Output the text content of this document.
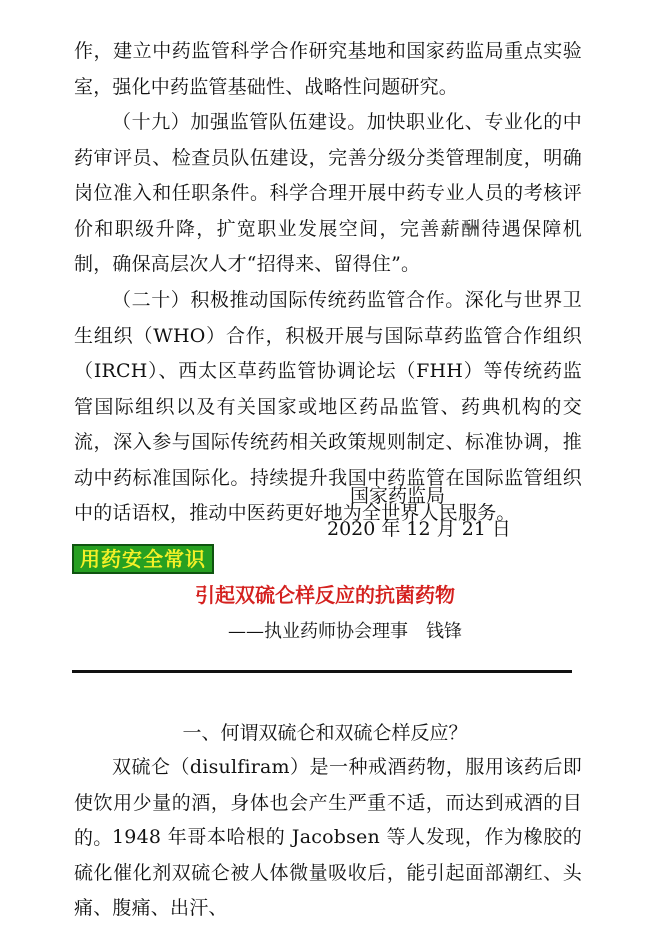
作，建立中药监管科学合作研究基地和国家药监局重点实验室，强化中药监管基础性、战略性问题研究。

（十九）加强监管队伍建设。加快职业化、专业化的中药审评员、检查员队伍建设，完善分级分类管理制度，明确岗位准入和任职条件。科学合理开展中药专业人员的考核评价和职级升降，扩宽职业发展空间，完善薪酬待遇保障机制，确保高层次人才“招得来、留得住”。

（二十）积极推动国际传统药监管合作。深化与世界卫生组织（WHO）合作，积极开展与国际草药监管合作组织（IRCH）、西太区草药监管协调论坛（FHH）等传统药监管国际组织以及有关国家或地区药品监管、药典机构的交流，深入参与国际传统药相关政策规则制定、标准协调，推动中药标准国际化。持续提升我国中药监管在国际监管组织中的话语权，推动中医药更好地为全世界人民服务。

国家药监局
2020 年 12 月 21 日
用药安全常识
引起双硫仑样反应的抗菌药物
——执业药师协会理事　钱锋
一、何谓双硫仑和双硫仑样反应？

双硫仑（disulfiram）是一种戒酒药物，服用该药后即使饮用少量的酒，身体也会产生严重不适，而达到戒酒的目的。 1948 年哥本哈根的 Jacobsen 等人发现，作为橡胶的硫化催化剂双硫仑被人体微量吸收后，能引起面部潮红、头痛、腹痛、出汗、
